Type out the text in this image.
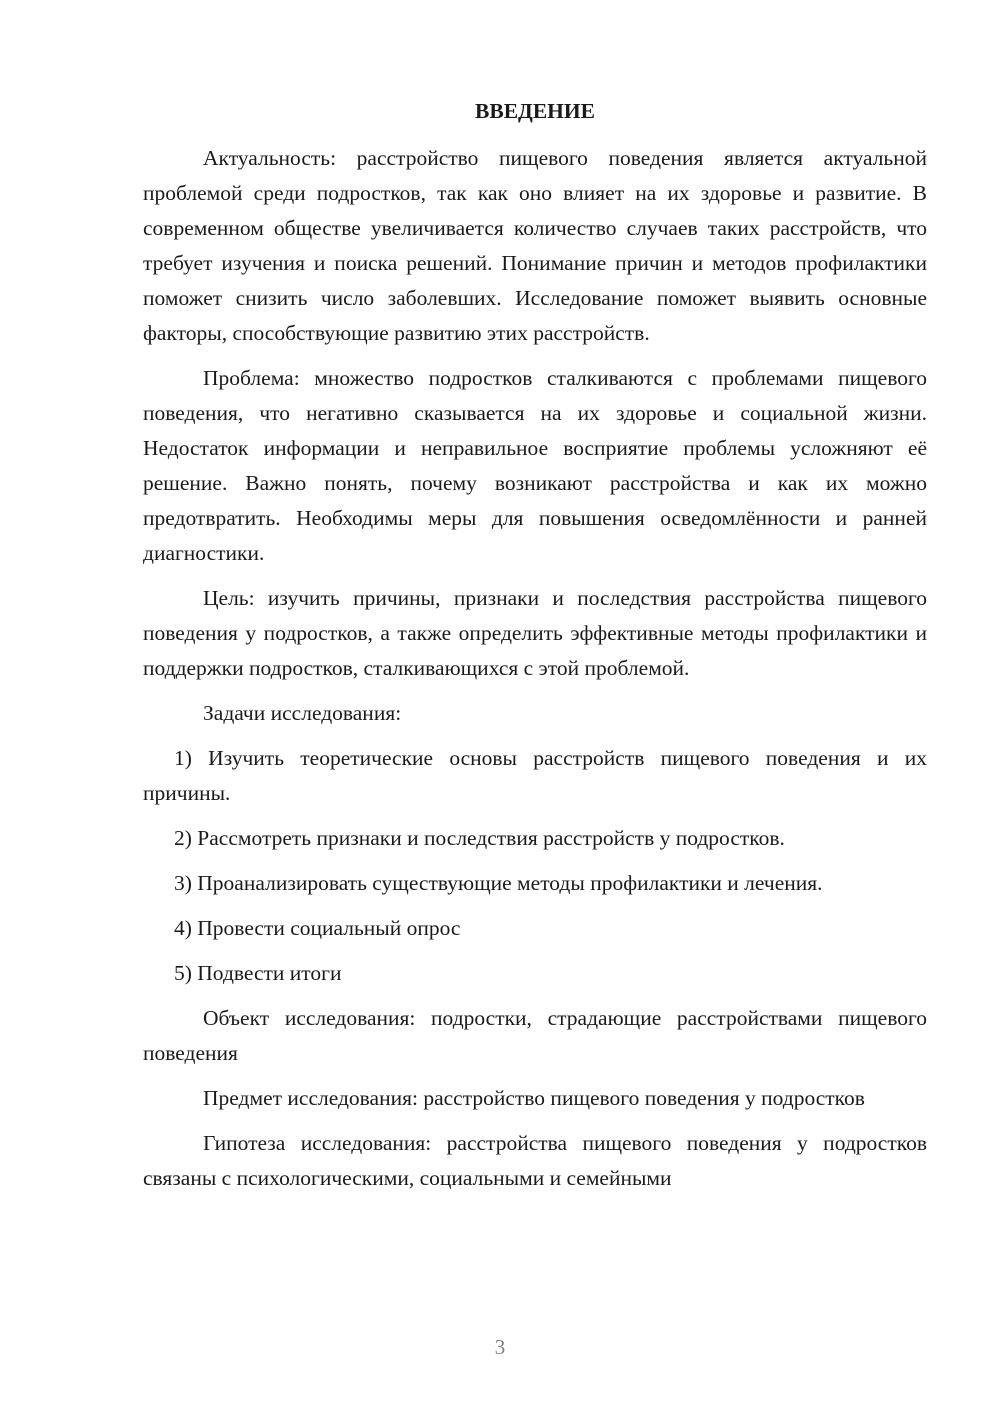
ВВЕДЕНИЕ

Актуальность: расстройство пищевого поведения является актуальной проблемой среди подростков, так как оно влияет на их здоровье и развитие. В современном обществе увеличивается количество случаев таких расстройств, что требует изучения и поиска решений. Понимание причин и методов профилактики поможет снизить число заболевших. Исследование поможет выявить основные факторы, способствующие развитию этих расстройств.

Проблема: множество подростков сталкиваются с проблемами пищевого поведения, что негативно сказывается на их здоровье и социальной жизни. Недостаток информации и неправильное восприятие проблемы усложняют её решение. Важно понять, почему возникают расстройства и как их можно предотвратить. Необходимы меры для повышения осведомлённости и ранней диагностики.

Цель: изучить причины, признаки и последствия расстройства пищевого поведения у подростков, а также определить эффективные методы профилактики и поддержки подростков, сталкивающихся с этой проблемой.

Задачи исследования:

1) Изучить теоретические основы расстройств пищевого поведения и их причины.

2) Рассмотреть признаки и последствия расстройств у подростков.

3) Проанализировать существующие методы профилактики и лечения.

4) Провести социальный опрос

5) Подвести итоги

Объект исследования: подростки, страдающие расстройствами пищевого поведения

Предмет исследования: расстройство пищевого поведения у подростков

Гипотеза исследования: расстройства пищевого поведения у подростков связаны с психологическими, социальными и семейными

3
